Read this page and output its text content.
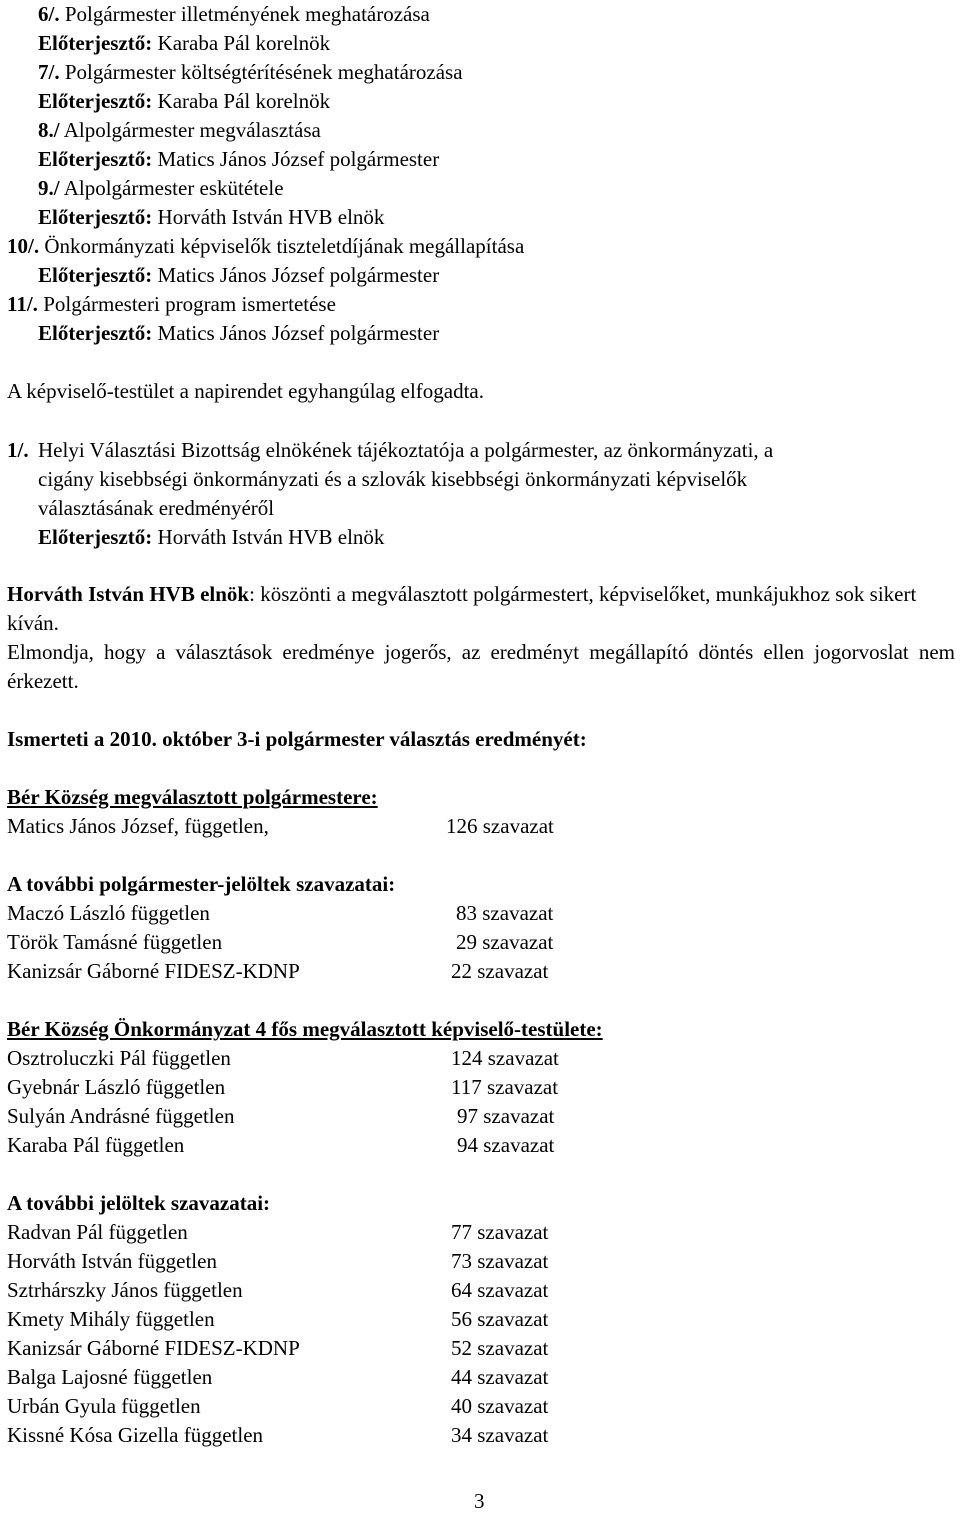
6/. Polgármester illetményének meghatározása
Előterjesztő: Karaba Pál korelnök
7/. Polgármester költségtérítésének meghatározása
Előterjesztő: Karaba Pál korelnök
8./ Alpolgármester megválasztása
Előterjesztő: Matics János József polgármester
9./ Alpolgármester eskütétele
Előterjesztő: Horváth István HVB elnök
10/. Önkormányzati képviselők tiszteletdíjának megállapítása
Előterjesztő: Matics János József polgármester
11/. Polgármesteri program ismertetése
Előterjesztő: Matics János József polgármester
A képviselő-testület a napirendet egyhangúlag elfogadta.
1/. Helyi Választási Bizottság elnökének tájékoztatója a polgármester, az önkormányzati, a
cigány kisebbségi önkormányzati és a szlovák kisebbségi önkormányzati képviselők
választásának eredményéről
Előterjesztő: Horváth István HVB elnök
Horváth István HVB elnök: köszönti a megválasztott polgármestert, képviselőket, munkájukhoz sok sikert kíván.
Elmondja, hogy a választások eredménye jogerős, az eredményt megállapító döntés ellen jogorvoslat nem érkezett.
Ismerteti a 2010. október 3-i polgármester választás eredményét:
Bér Község megválasztott polgármestere:
Matics János József, független,	126 szavazat
A további polgármester-jelöltek szavazatai:
Maczó László független	83 szavazat
Török Tamásné független	29 szavazat
Kanizsár Gáborné FIDESZ-KDNP	22 szavazat
Bér Község Önkormányzat 4 fős megválasztott képviselő-testülete:
Osztroluczki Pál független	124 szavazat
Gyebnár László független	117 szavazat
Sulyán Andrásné független	97 szavazat
Karaba Pál független	94 szavazat
A további jelöltek szavazatai:
Radvan Pál független	77 szavazat
Horváth István független	73 szavazat
Sztrhárszky János független	64 szavazat
Kmety Mihály független	56 szavazat
Kanizsár Gáborné FIDESZ-KDNP	52 szavazat
Balga Lajosné független	44 szavazat
Urbán Gyula független	40 szavazat
Kissné Kósa Gizella független	34 szavazat
3
